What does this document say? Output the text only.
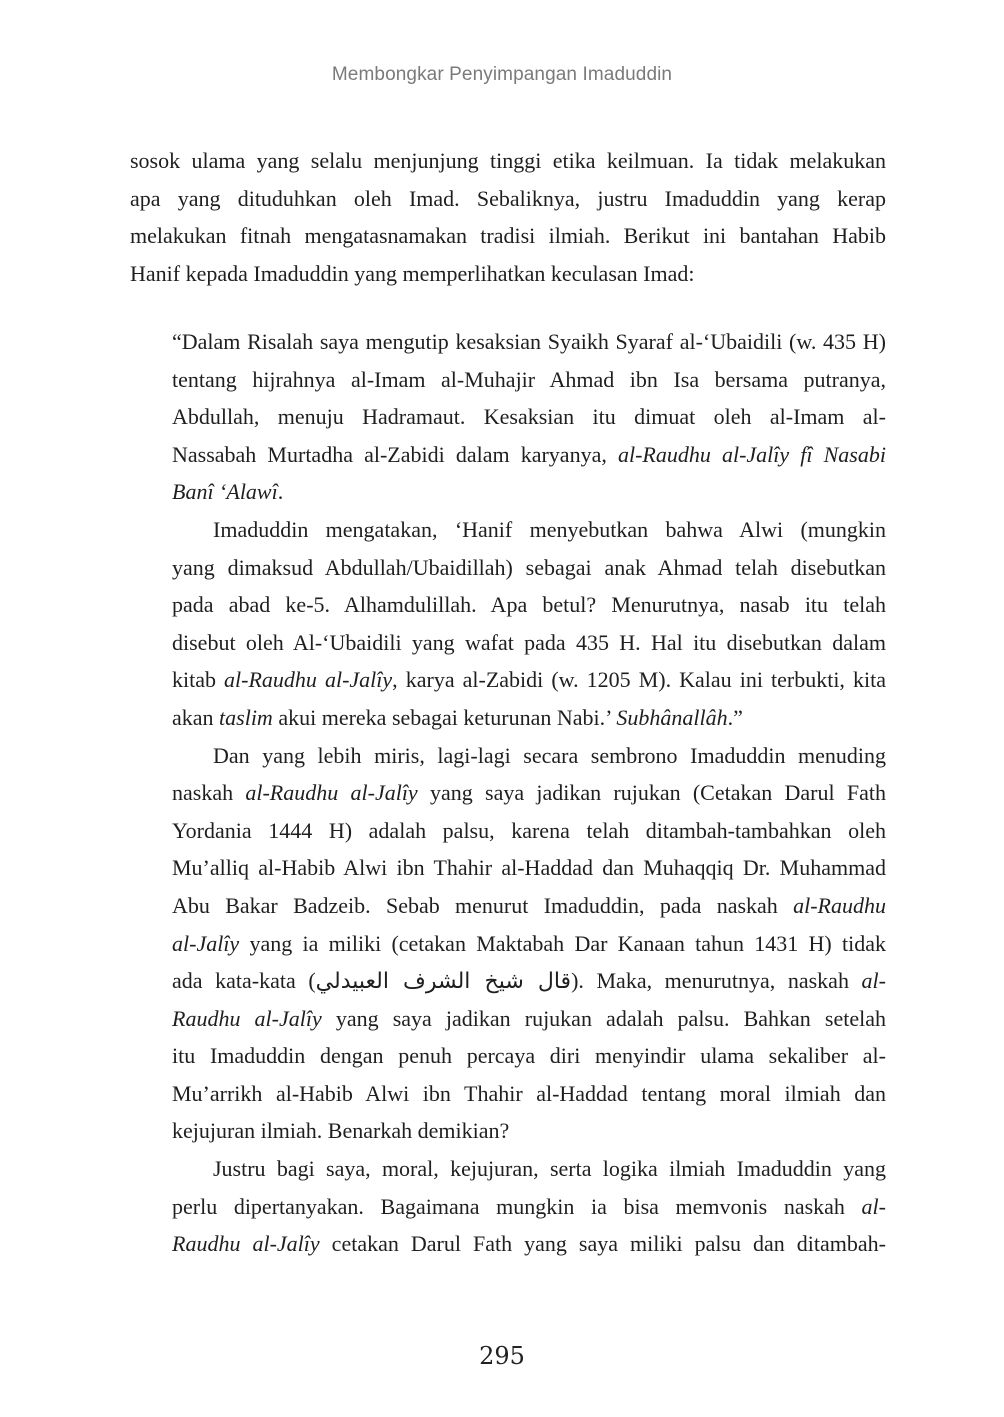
Membongkar Penyimpangan Imaduddin
sosok ulama yang selalu menjunjung tinggi etika keilmuan. Ia tidak melakukan
apa yang dituduhkan oleh Imad. Sebaliknya, justru Imaduddin yang kerap
melakukan fitnah mengatasnamakan tradisi ilmiah. Berikut ini bantahan Habib
Hanif kepada Imaduddin yang memperlihatkan keculasan Imad:
“Dalam Risalah saya mengutip kesaksian Syaikh Syaraf al-‘Ubaidili (w. 435 H)
tentang hijrahnya al-Imam al-Muhajir Ahmad ibn Isa bersama putranya,
Abdullah, menuju Hadramaut. Kesaksian itu dimuat oleh al-Imam al-
Nassabah Murtadha al-Zabidi dalam karyanya, al-Raudhu al-Jalîy fî Nasabi
Banî ‘Alawî.
Imaduddin mengatakan, ‘Hanif menyebutkan bahwa Alwi (mungkin
yang dimaksud Abdullah/Ubaidillah) sebagai anak Ahmad telah disebutkan
pada abad ke-5. Alhamdulillah. Apa betul? Menurutnya, nasab itu telah
disebut oleh Al-‘Ubaidili yang wafat pada 435 H. Hal itu disebutkan dalam
kitab al-Raudhu al-Jalîy, karya al-Zabidi (w. 1205 M). Kalau ini terbukti, kita
akan taslim akui mereka sebagai keturunan Nabi.’ Subhânallâh.”
Dan yang lebih miris, lagi-lagi secara sembrono Imaduddin menuding
naskah al-Raudhu al-Jalîy yang saya jadikan rujukan (Cetakan Darul Fath
Yordania 1444 H) adalah palsu, karena telah ditambah-tambahkan oleh
Mu’alliq al-Habib Alwi ibn Thahir al-Haddad dan Muhaqqiq Dr. Muhammad
Abu Bakar Badzeib. Sebab menurut Imaduddin, pada naskah al-Raudhu
al-Jalîy yang ia miliki (cetakan Maktabah Dar Kanaan tahun 1431 H) tidak
ada kata-kata (قال شيخ الشرف العبيدلي). Maka, menurutnya, naskah al-
Raudhu al-Jalîy yang saya jadikan rujukan adalah palsu. Bahkan setelah
itu Imaduddin dengan penuh percaya diri menyindir ulama sekaliber al-
Mu’arrikh al-Habib Alwi ibn Thahir al-Haddad tentang moral ilmiah dan
kejujuran ilmiah. Benarkah demikian?
Justru bagi saya, moral, kejujuran, serta logika ilmiah Imaduddin yang
perlu dipertanyakan. Bagaimana mungkin ia bisa memvonis naskah al-
Raudhu al-Jalîy cetakan Darul Fath yang saya miliki palsu dan ditambah-
295
